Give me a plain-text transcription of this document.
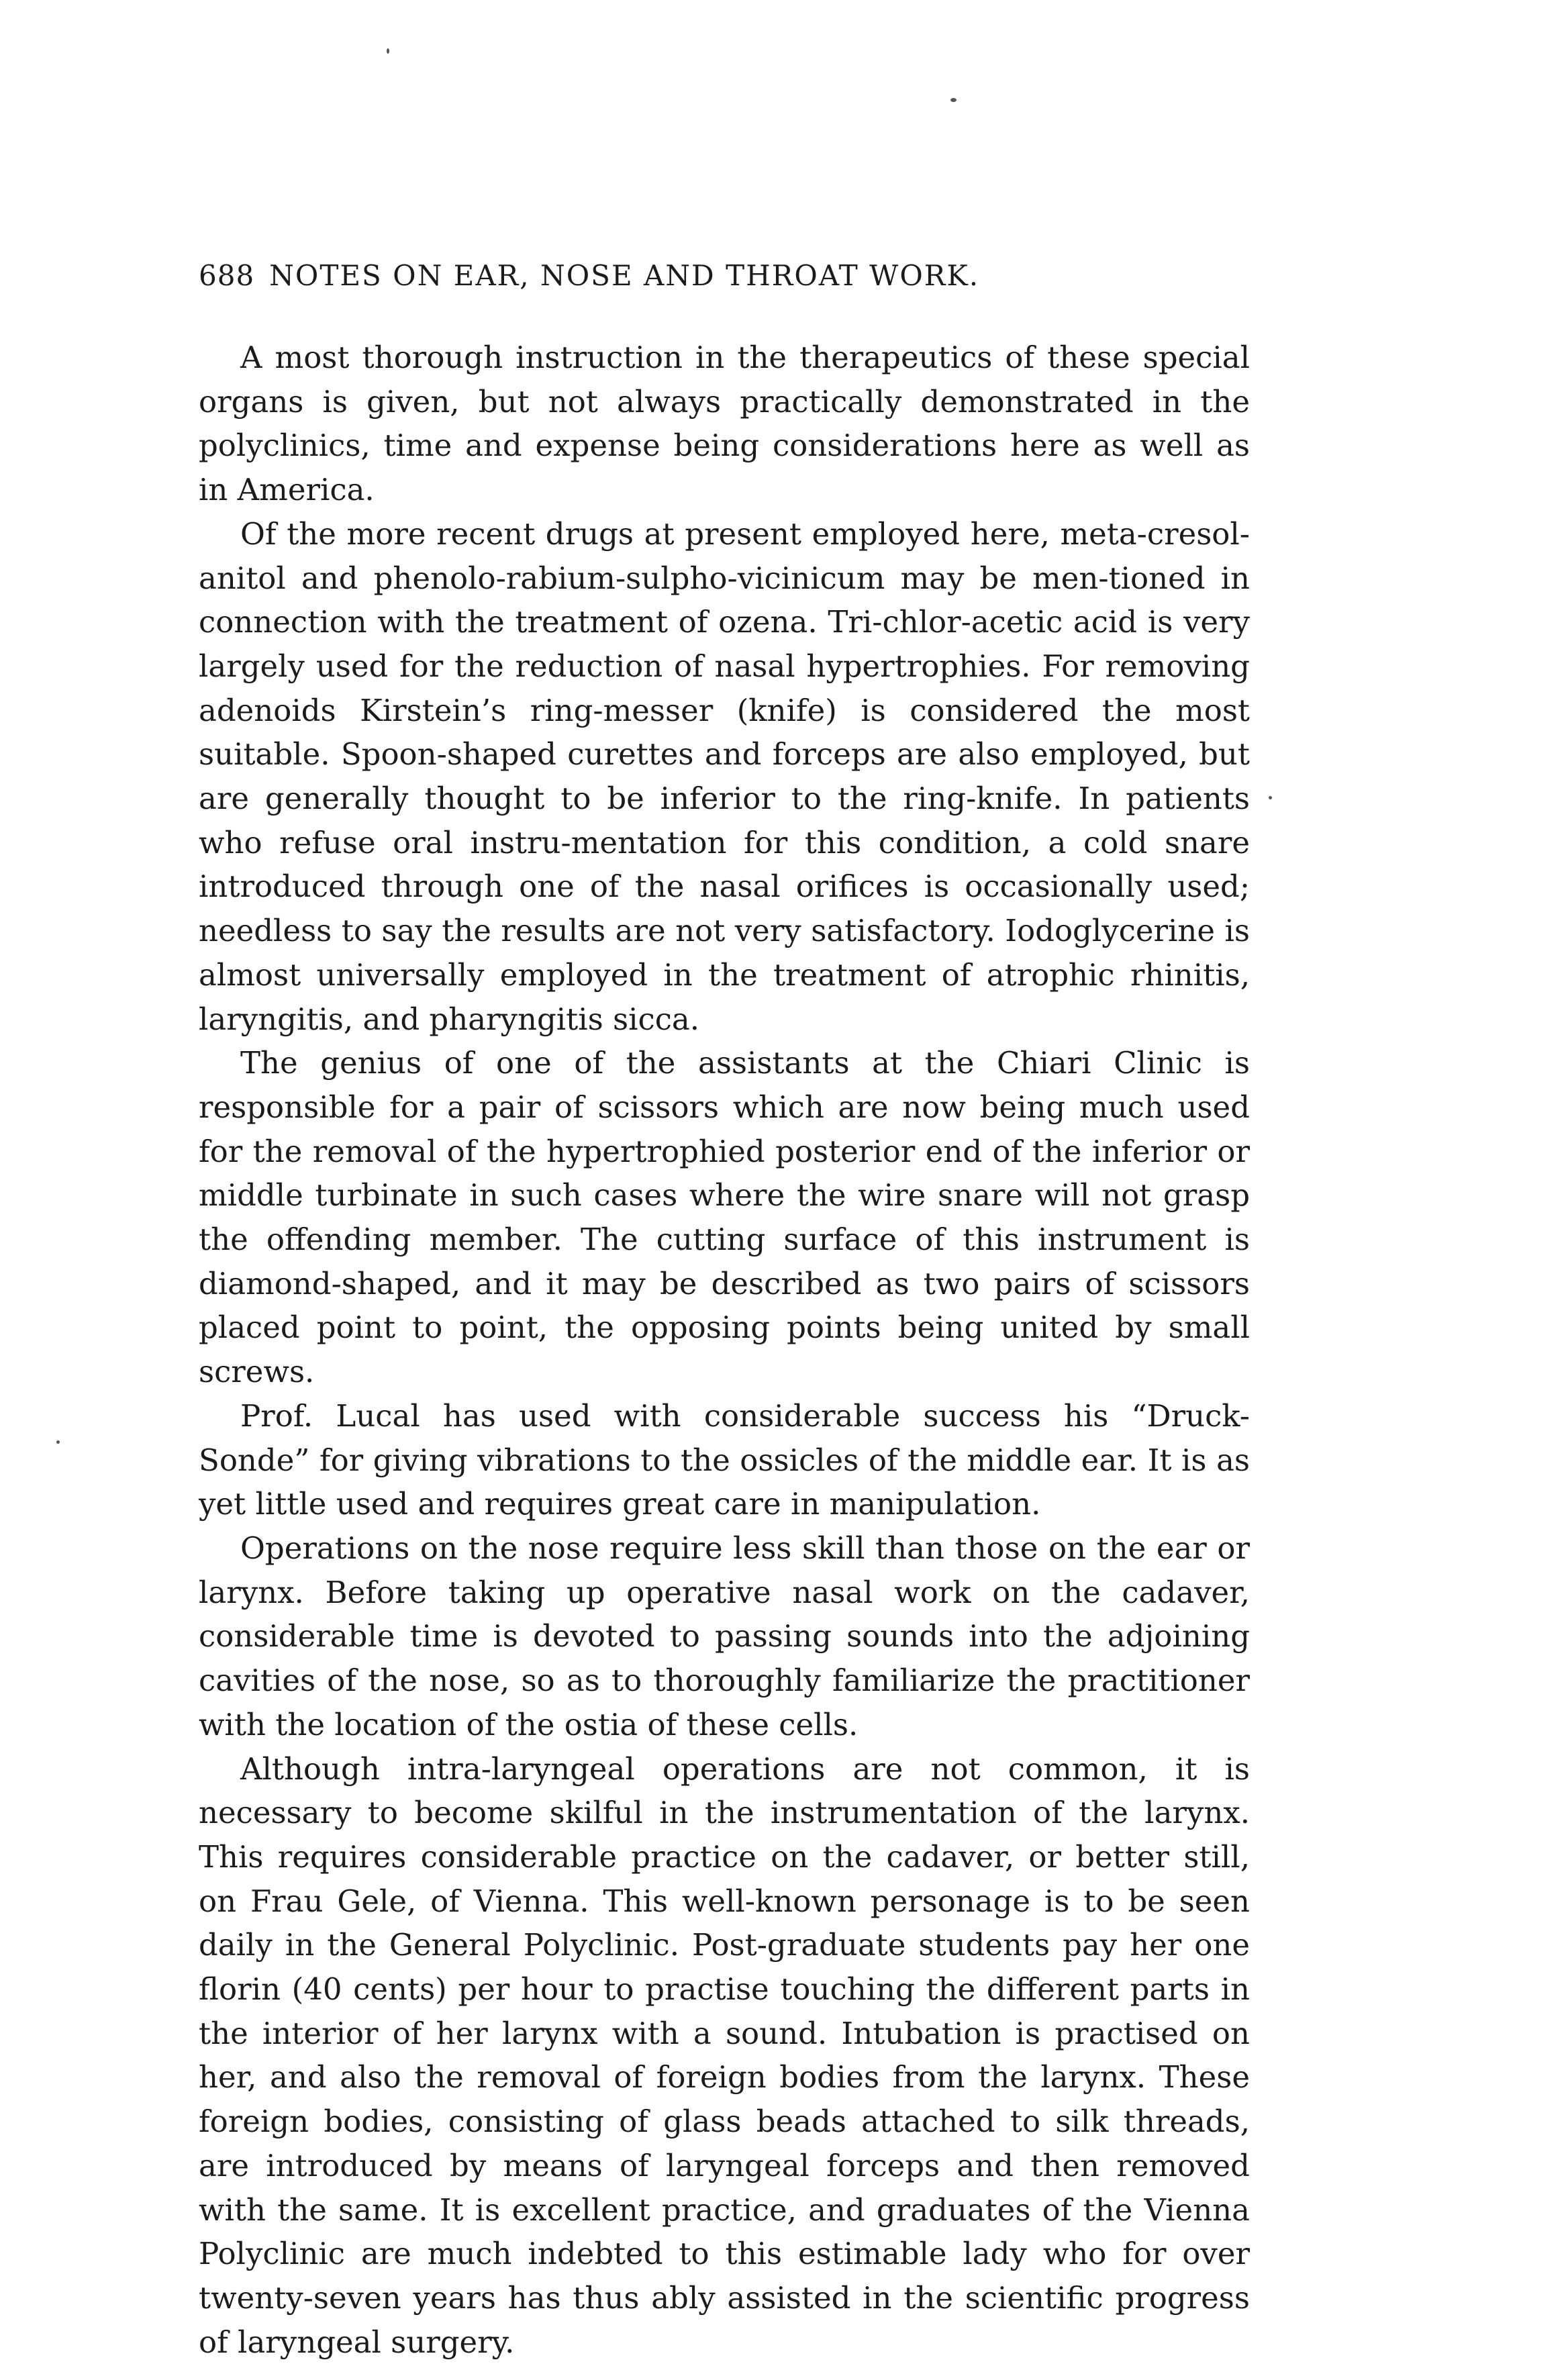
688 NOTES ON EAR, NOSE AND THROAT WORK.

A most thorough instruction in the therapeutics of these special organs is given, but not always practically demonstrated in the polyclinics, time and expense being considerations here as well as in America.

Of the more recent drugs at present employed here, meta-cresol-anitol and phenolo-rabium-sulpho-vicinicum may be men-tioned in connection with the treatment of ozena. Tri-chlor-acetic acid is very largely used for the reduction of nasal hypertrophies. For removing adenoids Kirstein’s ring-messer (knife) is considered the most suitable. Spoon-shaped curettes and forceps are also employed, but are generally thought to be inferior to the ring-knife. In patients who refuse oral instru-mentation for this condition, a cold snare introduced through one of the nasal orifices is occasionally used; needless to say the results are not very satisfactory. Iodoglycerine is almost universally employed in the treatment of atrophic rhinitis, laryngitis, and pharyngitis sicca.

The genius of one of the assistants at the Chiari Clinic is responsible for a pair of scissors which are now being much used for the removal of the hypertrophied posterior end of the inferior or middle turbinate in such cases where the wire snare will not grasp the offending member. The cutting surface of this instrument is diamond-shaped, and it may be described as two pairs of scissors placed point to point, the opposing points being united by small screws.

Prof. Lucal has used with considerable success his “Druck-Sonde” for giving vibrations to the ossicles of the middle ear. It is as yet little used and requires great care in manipulation.

Operations on the nose require less skill than those on the ear or larynx. Before taking up operative nasal work on the cadaver, considerable time is devoted to passing sounds into the adjoining cavities of the nose, so as to thoroughly familiarize the practitioner with the location of the ostia of these cells.

Although intra-laryngeal operations are not common, it is necessary to become skilful in the instrumentation of the larynx. This requires considerable practice on the cadaver, or better still, on Frau Gele, of Vienna. This well-known personage is to be seen daily in the General Polyclinic. Post-graduate students pay her one florin (40 cents) per hour to practise touching the different parts in the interior of her larynx with a sound. Intubation is practised on her, and also the removal of foreign bodies from the larynx. These foreign bodies, consisting of glass beads attached to silk threads, are introduced by means of laryngeal forceps and then removed with the same. It is excellent practice, and graduates of the Vienna Polyclinic are much indebted to this estimable lady who for over twenty-seven years has thus ably assisted in the scientific progress of laryngeal surgery.
